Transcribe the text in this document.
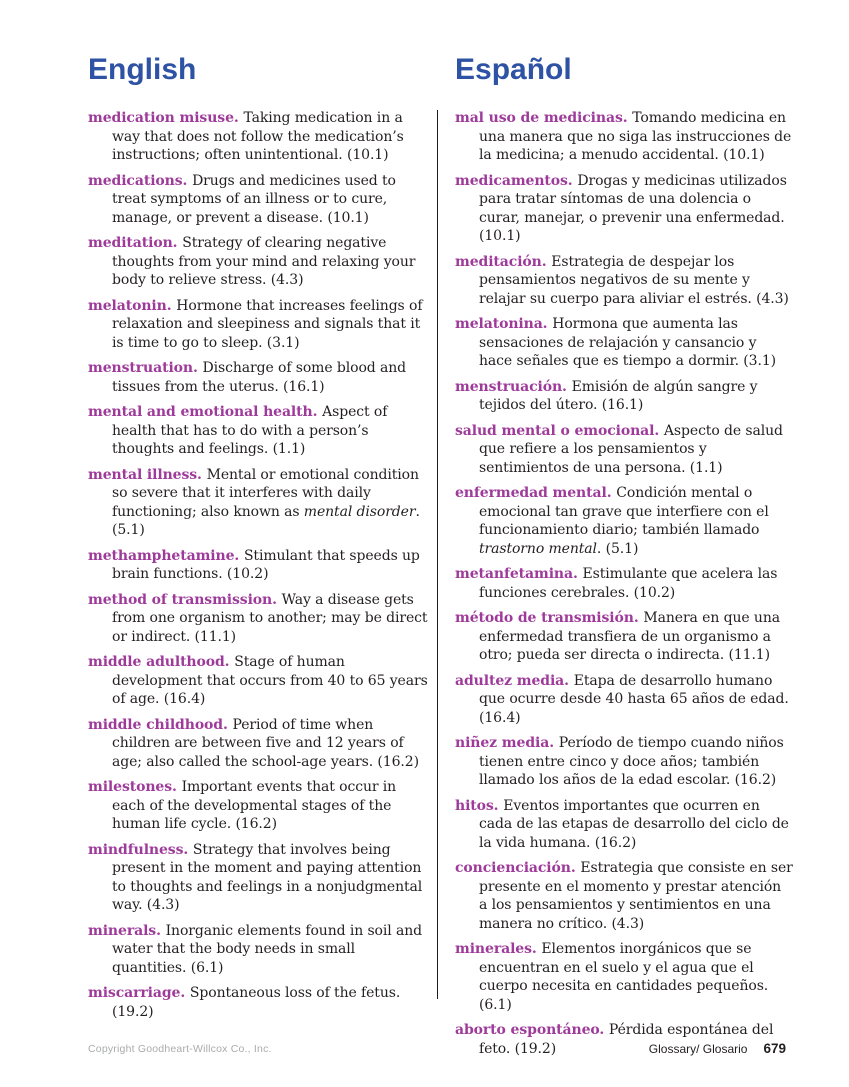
English

medication misuse. Taking medication in a way that does not follow the medication’s instructions; often unintentional. (10.1)

medications. Drugs and medicines used to treat symptoms of an illness or to cure, manage, or prevent a disease. (10.1)

meditation. Strategy of clearing negative thoughts from your mind and relaxing your body to relieve stress. (4.3)

melatonin. Hormone that increases feelings of relaxation and sleepiness and signals that it is time to go to sleep. (3.1)

menstruation. Discharge of some blood and tissues from the uterus. (16.1)

mental and emotional health. Aspect of health that has to do with a person’s thoughts and feelings. (1.1)

mental illness. Mental or emotional condition so severe that it interferes with daily functioning; also known as mental disorder. (5.1)

methamphetamine. Stimulant that speeds up brain functions. (10.2)

method of transmission. Way a disease gets from one organism to another; may be direct or indirect. (11.1)

middle adulthood. Stage of human development that occurs from 40 to 65 years of age. (16.4)

middle childhood. Period of time when children are between five and 12 years of age; also called the school-age years. (16.2)

milestones. Important events that occur in each of the developmental stages of the human life cycle. (16.2)

mindfulness. Strategy that involves being present in the moment and paying attention to thoughts and feelings in a nonjudgmental way. (4.3)

minerals. Inorganic elements found in soil and water that the body needs in small quantities. (6.1)

miscarriage. Spontaneous loss of the fetus. (19.2)

Español

mal uso de medicinas. Tomando medicina en una manera que no siga las instrucciones de la medicina; a menudo accidental. (10.1)

medicamentos. Drogas y medicinas utilizados para tratar síntomas de una dolencia o curar, manejar, o prevenir una enfermedad. (10.1)

meditación. Estrategia de despejar los pensamientos negativos de su mente y relajar su cuerpo para aliviar el estrés. (4.3)

melatonina. Hormona que aumenta las sensaciones de relajación y cansancio y hace señales que es tiempo a dormir. (3.1)

menstruación. Emisión de algún sangre y tejidos del útero. (16.1)

salud mental o emocional. Aspecto de salud que refiere a los pensamientos y sentimientos de una persona. (1.1)

enfermedad mental. Condición mental o emocional tan grave que interfiere con el funcionamiento diario; también llamado trastorno mental. (5.1)

metanfetamina. Estimulante que acelera las funciones cerebrales. (10.2)

método de transmisión. Manera en que una enfermedad transfiera de un organismo a otro; pueda ser directa o indirecta. (11.1)

adultez media. Etapa de desarrollo humano que ocurre desde 40 hasta 65 años de edad. (16.4)

niñez media. Período de tiempo cuando niños tienen entre cinco y doce años; también llamado los años de la edad escolar. (16.2)

hitos. Eventos importantes que ocurren en cada de las etapas de desarrollo del ciclo de la vida humana. (16.2)

concienciación. Estrategia que consiste en ser presente en el momento y prestar atención a los pensamientos y sentimientos en una manera no crítico. (4.3)

minerales. Elementos inorgánicos que se encuentran en el suelo y el agua que el cuerpo necesita en cantidades pequeños. (6.1)

aborto espontáneo. Pérdida espontánea del feto. (19.2)

Copyright Goodheart-Willcox Co., Inc.	Glossary/ Glosario 679
